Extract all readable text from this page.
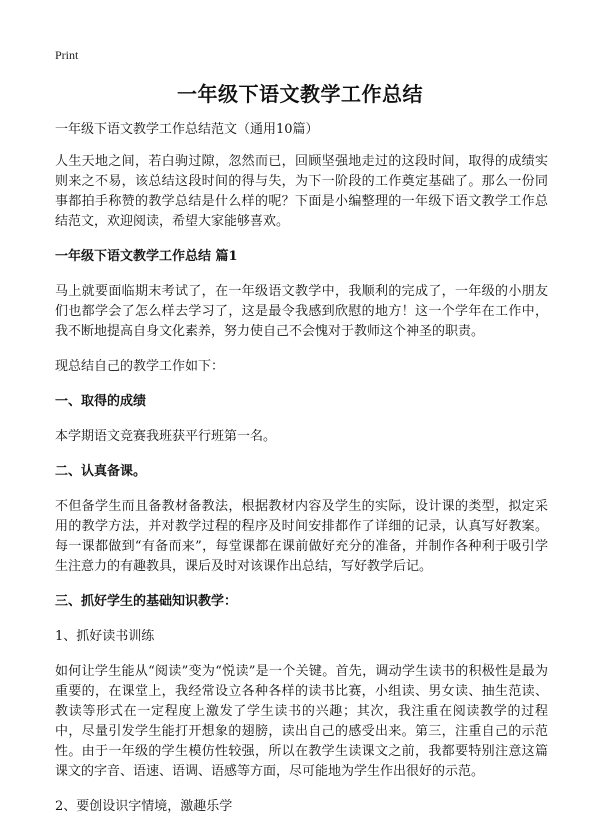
Print
一年级下语文教学工作总结

一年级下语文教学工作总结范文（通用10篇）

人生天地之间，若白驹过隙，忽然而已，回顾坚强地走过的这段时间，取得的成绩实则来之不易，该总结这段时间的得与失，为下一阶段的工作奠定基础了。那么一份同事都拍手称赞的教学总结是什么样的呢？下面是小编整理的一年级下语文教学工作总结范文，欢迎阅读，希望大家能够喜欢。

一年级下语文教学工作总结 篇1

马上就要面临期末考试了，在一年级语文教学中，我顺利的完成了，一年级的小朋友们也都学会了怎么样去学习了，这是最令我感到欣慰的地方！这一个学年在工作中，我不断地提高自身文化素养，努力使自己不会愧对于教师这个神圣的职责。

现总结自己的教学工作如下：

一、取得的成绩

本学期语文竞赛我班获平行班第一名。

二、认真备课。

不但备学生而且备教材备教法，根据教材内容及学生的实际，设计课的类型，拟定采用的教学方法，并对教学过程的程序及时间安排都作了详细的记录，认真写好教案。每一课都做到“有备而来”，每堂课都在课前做好充分的准备，并制作各种利于吸引学生注意力的有趣教具，课后及时对该课作出总结，写好教学后记。

三、抓好学生的基础知识教学：

1、抓好读书训练

如何让学生能从“阅读”变为“悦读”是一个关键。首先，调动学生读书的积极性是最为重要的，在课堂上，我经常设立各种各样的读书比赛，小组读、男女读、抽生范读、教读等形式在一定程度上激发了学生读书的兴趣；其次，我注重在阅读教学的过程中，尽量引发学生能打开想象的翅膀，读出自己的感受出来。第三，注重自己的示范性。由于一年级的学生模仿性较强，所以在教学生读课文之前，我都要特别注意这篇课文的字音、语速、语调、语感等方面，尽可能地为学生作出很好的示范。

2、要创设识字情境，激趣乐学
